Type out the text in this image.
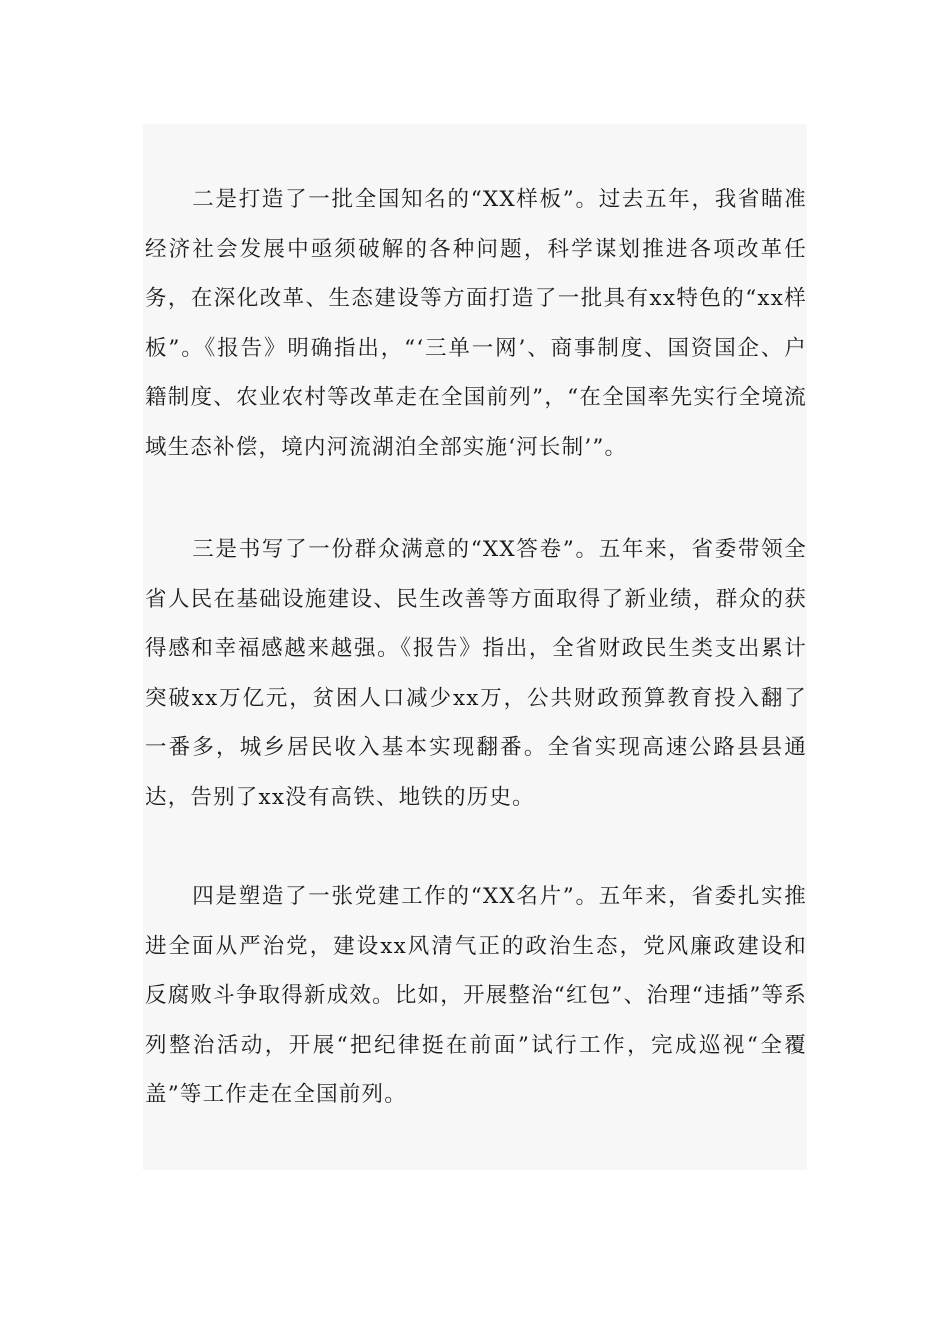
二是打造了一批全国知名的“XX样板”。过去五年，我省瞄准经济社会发展中亟须破解的各种问题，科学谋划推进各项改革任务，在深化改革、生态建设等方面打造了一批具有xx特色的“xx样板”。《报告》明确指出，“‘三单一网’、商事制度、国资国企、户籍制度、农业农村等改革走在全国前列”，“在全国率先实行全境流域生态补偿，境内河流湖泊全部实施‘河长制’”。

三是书写了一份群众满意的“XX答卷”。五年来，省委带领全省人民在基础设施建设、民生改善等方面取得了新业绩，群众的获得感和幸福感越来越强。《报告》指出，全省财政民生类支出累计突破xx万亿元，贫困人口减少xx万，公共财政预算教育投入翻了一番多，城乡居民收入基本实现翻番。全省实现高速公路县县通达，告别了xx没有高铁、地铁的历史。

四是塑造了一张党建工作的“XX名片”。五年来，省委扎实推进全面从严治党，建设xx风清气正的政治生态，党风廉政建设和反腐败斗争取得新成效。比如，开展整治“红包”、治理“违插”等系列整治活动，开展“把纪律挺在前面”试行工作，完成巡视“全覆盖”等工作走在全国前列。
